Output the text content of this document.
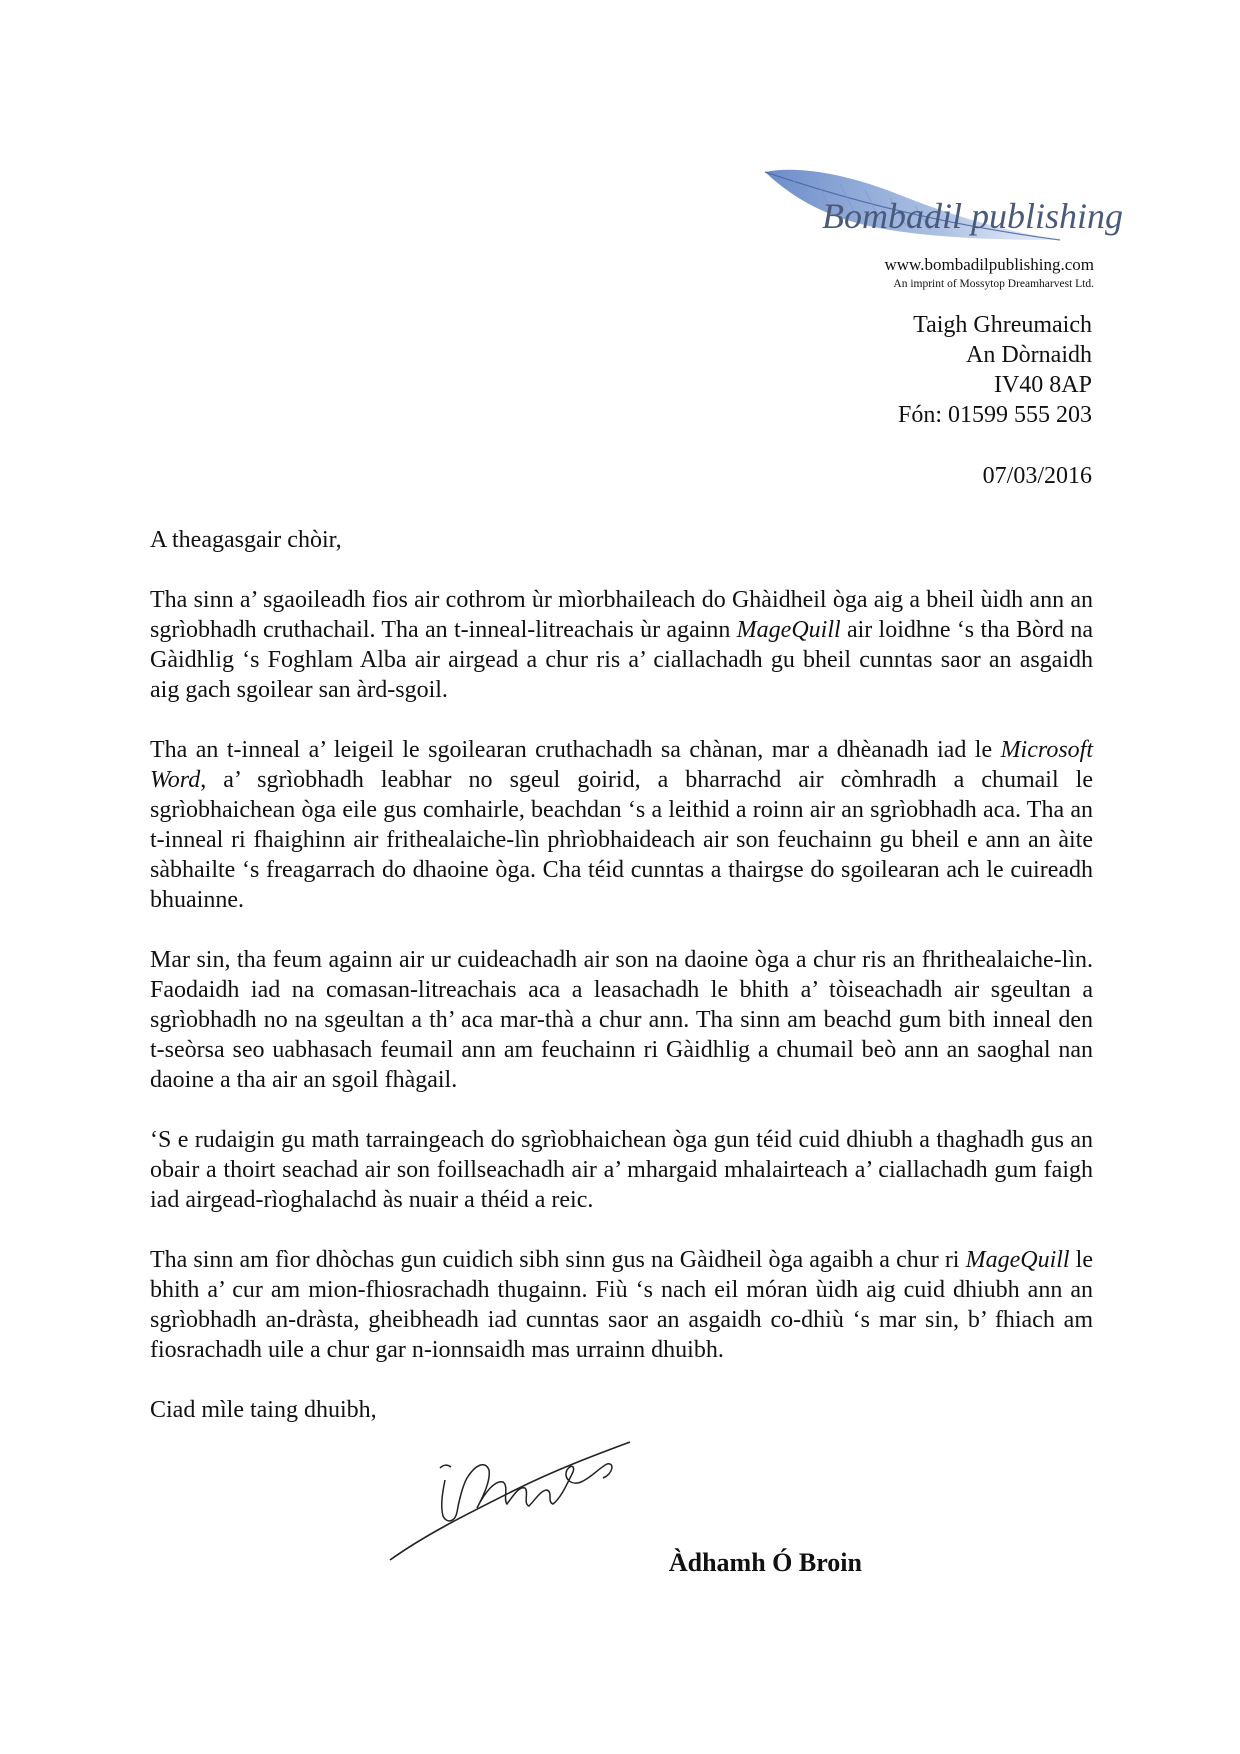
Bombadil publishing
www.bombadilpublishing.com
An imprint of Mossytop Dreamharvest Ltd.
Taigh Ghreumaich
An Dòrnaidh
IV40 8AP
Fón: 01599 555 203
07/03/2016

A theagasgair chòir,

Tha sinn a’ sgaoileadh fios air cothrom ùr mìorbhaileach do Ghàidheil òga aig a bheil ùidh ann an sgrìobhadh cruthachail. Tha an t-inneal-litreachais ùr againn MageQuill air loidhne ‘s tha Bòrd na Gàidhlig ‘s Foghlam Alba air airgead a chur ris a’ ciallachadh gu bheil cunntas saor an asgaidh aig gach sgoilear san àrd-sgoil.

Tha an t-inneal a’ leigeil le sgoilearan cruthachadh sa chànan, mar a dhèanadh iad le Microsoft Word, a’ sgrìobhadh leabhar no sgeul goirid, a bharrachd air còmhradh a chumail le sgrìobhaichean òga eile gus comhairle, beachdan ‘s a leithid a roinn air an sgrìobhadh aca. Tha an t-inneal ri fhaighinn air frithealaiche-lìn phrìobhaideach air son feuchainn gu bheil e ann an àite sàbhailte ‘s freagarrach do dhaoine òga. Cha téid cunntas a thairgse do sgoilearan ach le cuireadh bhuainne.

Mar sin, tha feum againn air ur cuideachadh air son na daoine òga a chur ris an fhrithealaiche-lìn. Faodaidh iad na comasan-litreachais aca a leasachadh le bhith a’ tòiseachadh air sgeultan a sgrìobhadh no na sgeultan a th’ aca mar-thà a chur ann. Tha sinn am beachd gum bith inneal den t-seòrsa seo uabhasach feumail ann am feuchainn ri Gàidhlig a chumail beò ann an saoghal nan daoine a tha air an sgoil fhàgail.

‘S e rudaigin gu math tarraingeach do sgrìobhaichean òga gun téid cuid dhiubh a thaghadh gus an obair a thoirt seachad air son foillseachadh air a’ mhargaid mhalairteach a’ ciallachadh gum faigh iad airgead-rìoghalachd às nuair a théid a reic.

Tha sinn am fìor dhòchas gun cuidich sibh sinn gus na Gàidheil òga agaibh a chur ri MageQuill le bhith a’ cur am mion-fhiosrachadh thugainn. Fiù ‘s nach eil móran ùidh aig cuid dhiubh ann an sgrìobhadh an-dràsta, gheibheadh iad cunntas saor an asgaidh co-dhiù ‘s mar sin, b’ fhiach am fiosrachadh uile a chur gar n-ionnsaidh mas urrainn dhuibh.

Ciad mìle taing dhuibh,

Àdhamh Ó Broin
